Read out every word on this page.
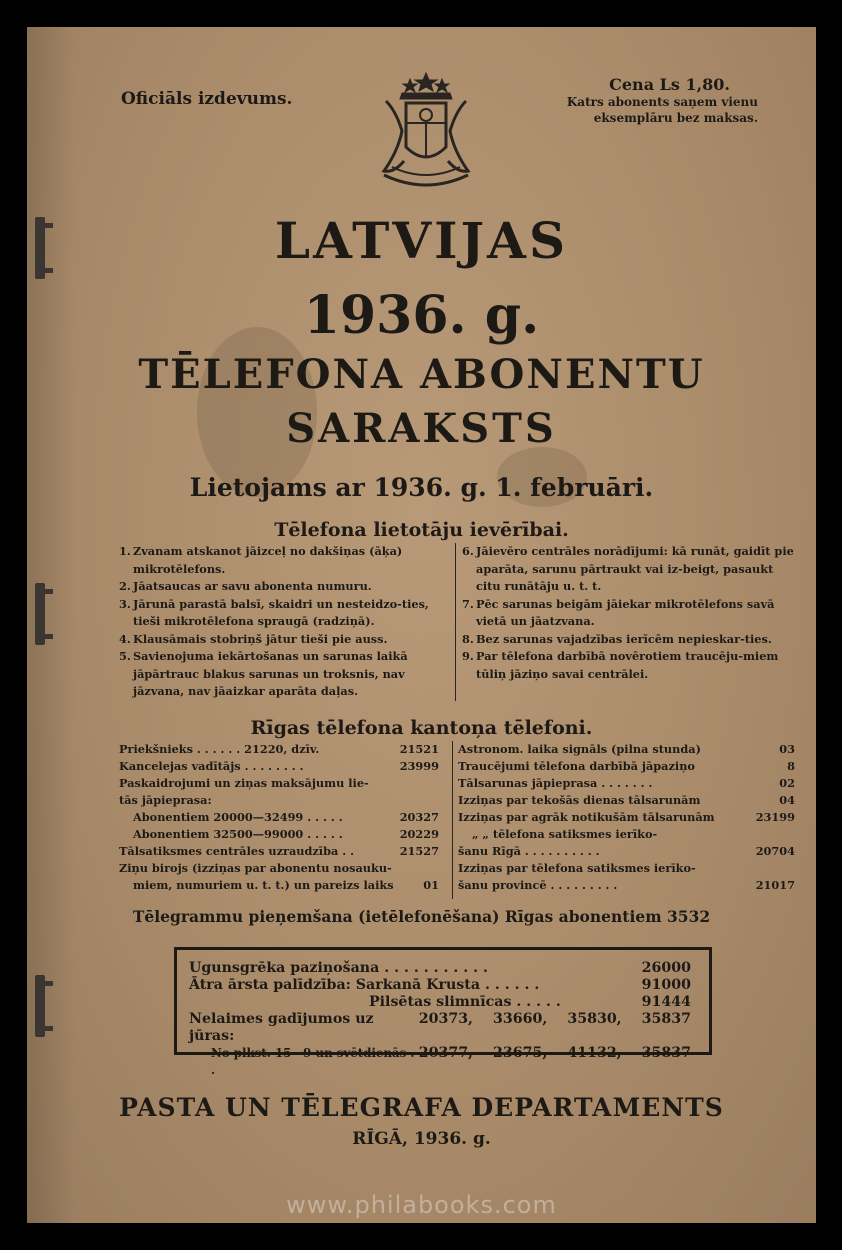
Oficiāls izdevums.
Cena Ls 1,80.
Katrs abonents saņem vienu
eksemplāru bez maksas.
LATVIJAS
1936. g.
TĒLEFONA ABONENTU
SARAKSTS
Lietojams ar 1936. g. 1. februāri.
Tēlefona lietotāju ievērībai.
1. Zvanam atskanot jāizceļ no dakšiņas (āķa) mikrotēlefons.
2. Jāatsaucas ar savu abonenta numuru.
3. Jārunā parastā balsī, skaidri un nesteidzo-ties, tieši mikrotēlefona spraugā (radziņā).
4. Klausāmais stobriņš jātur tieši pie auss.
5. Savienojuma iekārtošanas un sarunas laikā jāpārtrauc blakus sarunas un troksnis, nav jāzvana, nav jāaizkar aparāta daļas.
6. Jāievēro centrāles norādījumi: kā runāt, gaidīt pie aparāta, sarunu pārtraukt vai iz-beigt, pasaukt citu runātāju u. t. t.
7. Pēc sarunas beigām jāiekar mikrotēlefons savā vietā un jāatzvana.
8. Bez sarunas vajadzības ierīcēm nepieskar-ties.
9. Par tēlefona darbībā novērotiem traucēju-miem tūliņ jāziņo savai centrālei.
Rīgas tēlefona kantoņa tēlefoni.
Priekšnieks . . . . . . 21220, dzīv.	21521
Kancelejas vadītājs . . . . . . . .	23999
Paskaidrojumi un ziņas maksājumu lie-
tās jāpieprasa:
Abonentiem 20000—32499 . . . . .	20327
Abonentiem 32500—99000 . . . . .	20229
Tālsatiksmes centrāles uzraudzība . .	21527
Ziņu birojs (izziņas par abonentu nosauku-
miem, numuriem u. t. t.) un pareizs laiks	01
Astronom. laika signāls (pilna stunda)	03
Traucējumi tēlefona darbībā jāpaziņo	8
Tālsarunas jāpieprasa . . . . . . .	02
Izziņas par tekošās dienas tālsarunām	04
Izziņas par agrāk notikušām tālsarunām	23199
„ „ tēlefona satiksmes ierīko-
šanu Rīgā . . . . . . . . . .	20704
Izziņas par tēlefona satiksmes ierīko-
šanu provincē . . . . . . . . .	21017
Tēlegrammu pieņemšana (ietēlefonēšana) Rīgas abonentiem 3532
Ugunsgrēka paziņošana . . . . . . . . . . .	26000
Ātra ārsta palīdzība: Sarkanā Krusta . . . . . .	91000
Pilsētas slimnīcas . . . . .	91444
Nelaimes gadījumos uz jūras:
20373, 33660, 35830, 35837
No plkst. 15—9 un svētdienās . .
20377, 23675, 41132, 35837
PASTA UN TĒLEGRAFA DEPARTAMENTS
RĪGĀ, 1936. g.
www.philabooks.com
